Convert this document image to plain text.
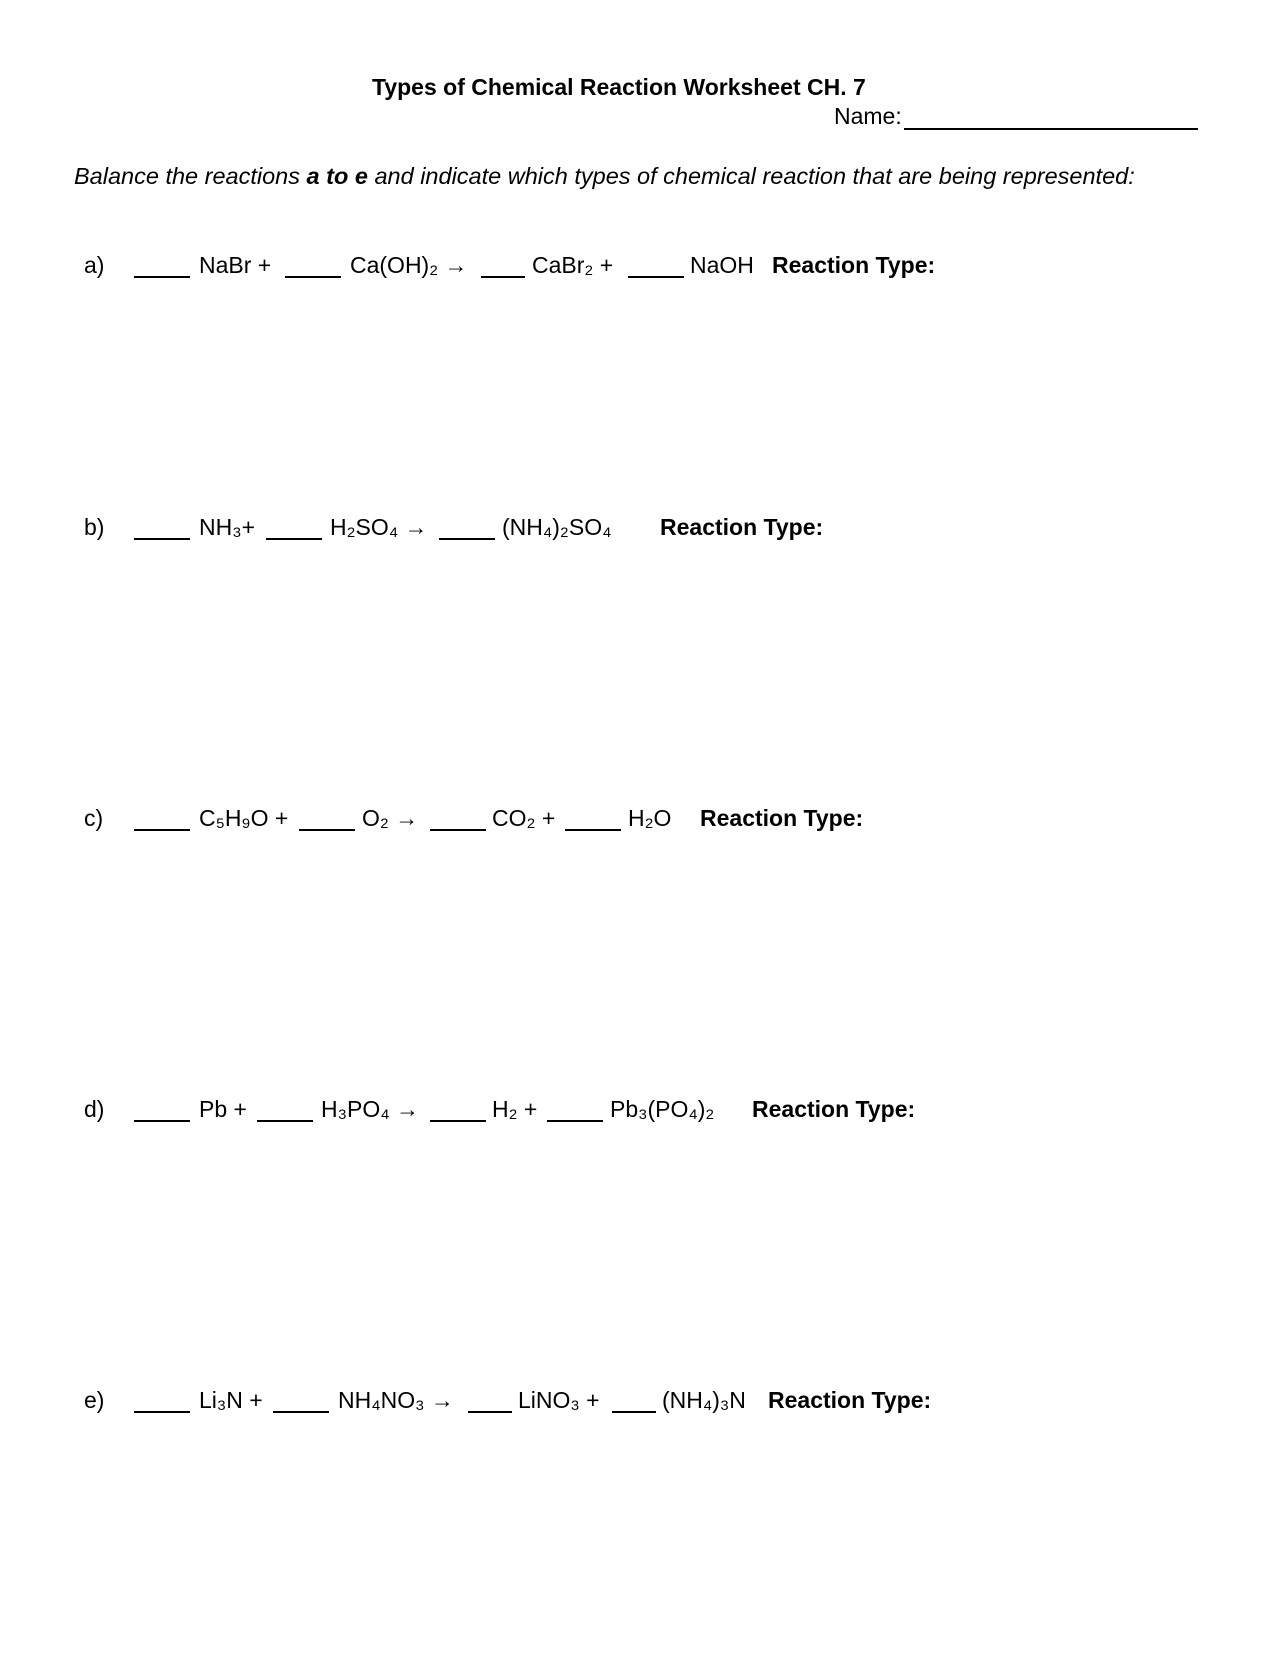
Types of Chemical Reaction Worksheet CH. 7
Name:
Balance the reactions a to e and indicate which types of chemical reaction that are being represented:
a)	NaBr +	Ca(OH)₂ →	CaBr₂ +	NaOH Reaction Type:
b)	NH₃+	H₂SO₄ →	(NH₄)₂SO₄ Reaction Type:
c)	C₅H₉O +	O₂ →	CO₂ +	H₂O Reaction Type:
d)	Pb +	H₃PO₄ →	H₂ +	Pb₃(PO₄)₂ Reaction Type:
e)	Li₃N +	NH₄NO₃ →	LiNO₃ +	(NH₄)₃N Reaction Type:
